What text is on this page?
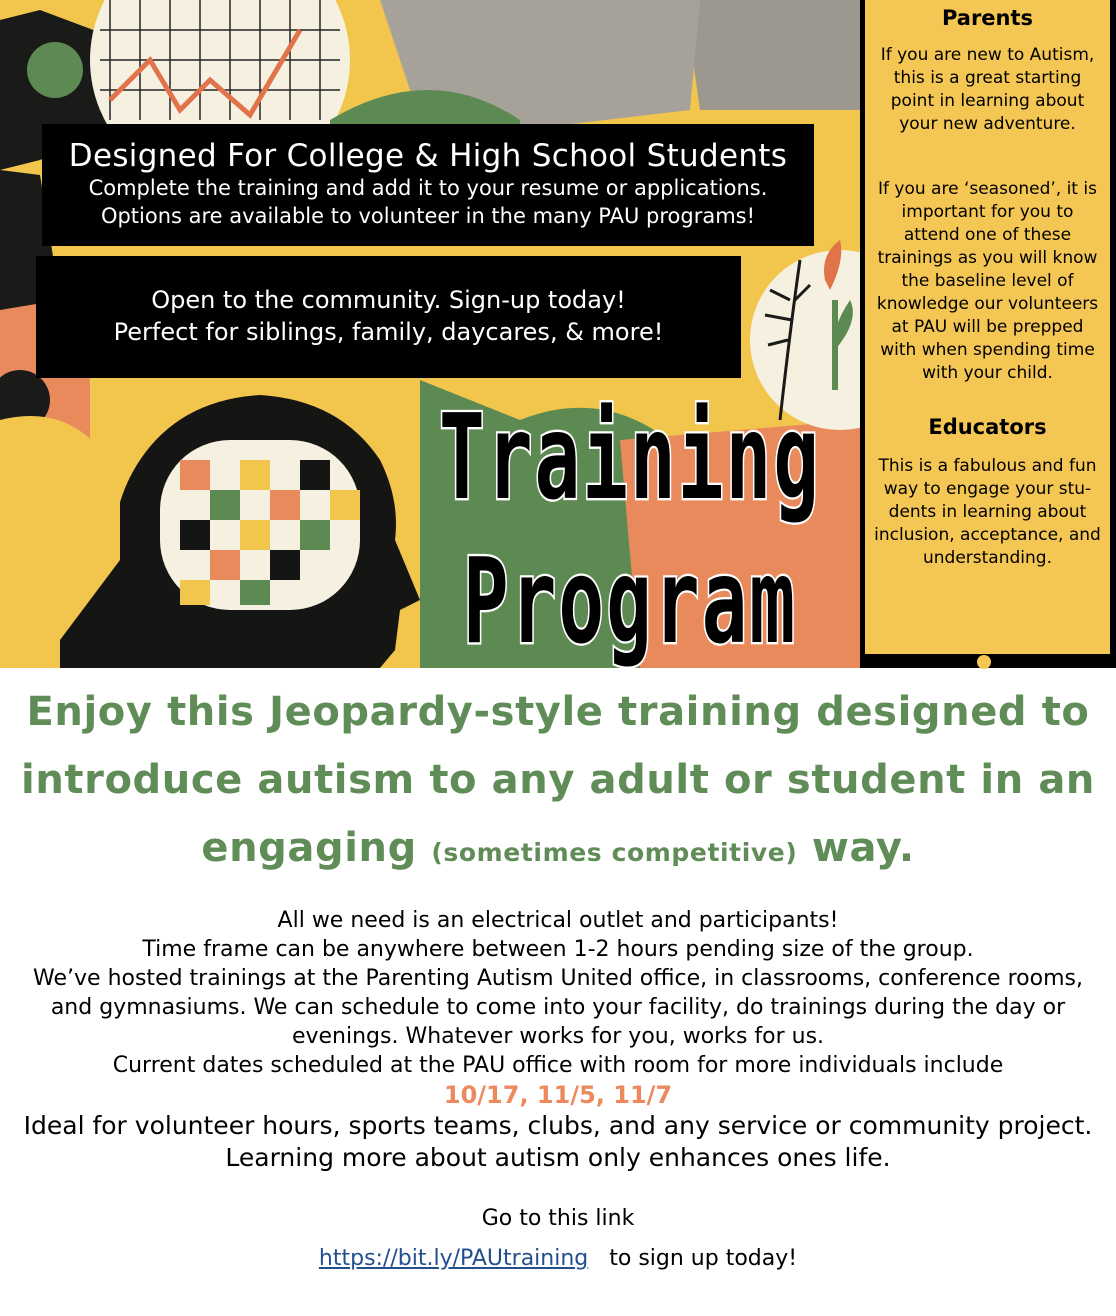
Designed For College & High School Students
Complete the training and add it to your resume or applications.
Options are available to volunteer in the many PAU programs!
Open to the community. Sign-up today!
Perfect for siblings, family, daycares, & more!
Training
Program
Parents
If you are new to Autism, this is a great starting point in learning about your new adventure.
If you are ‘seasoned’, it is important for you to attend one of these trainings as you will know the baseline level of knowledge our volunteers at PAU will be prepped with when spending time with your child.
Educators
This is a fabulous and fun way to engage your stu-dents in learning about inclusion, acceptance, and understanding.
Enjoy this Jeopardy-style training designed to
introduce autism to any adult or student in an
engaging (sometimes competitive) way.
All we need is an electrical outlet and participants!
Time frame can be anywhere between 1-2 hours pending size of the group.
We’ve hosted trainings at the Parenting Autism United office, in classrooms, conference rooms, and gymnasiums. We can schedule to come into your facility, do trainings during the day or evenings. Whatever works for you, works for us.
Current dates scheduled at the PAU office with room for more individuals include
10/17, 11/5, 11/7
Ideal for volunteer hours, sports teams, clubs, and any service or community project. Learning more about autism only enhances ones life.
Go to this link
https://bit.ly/PAUtraining to sign up today!
